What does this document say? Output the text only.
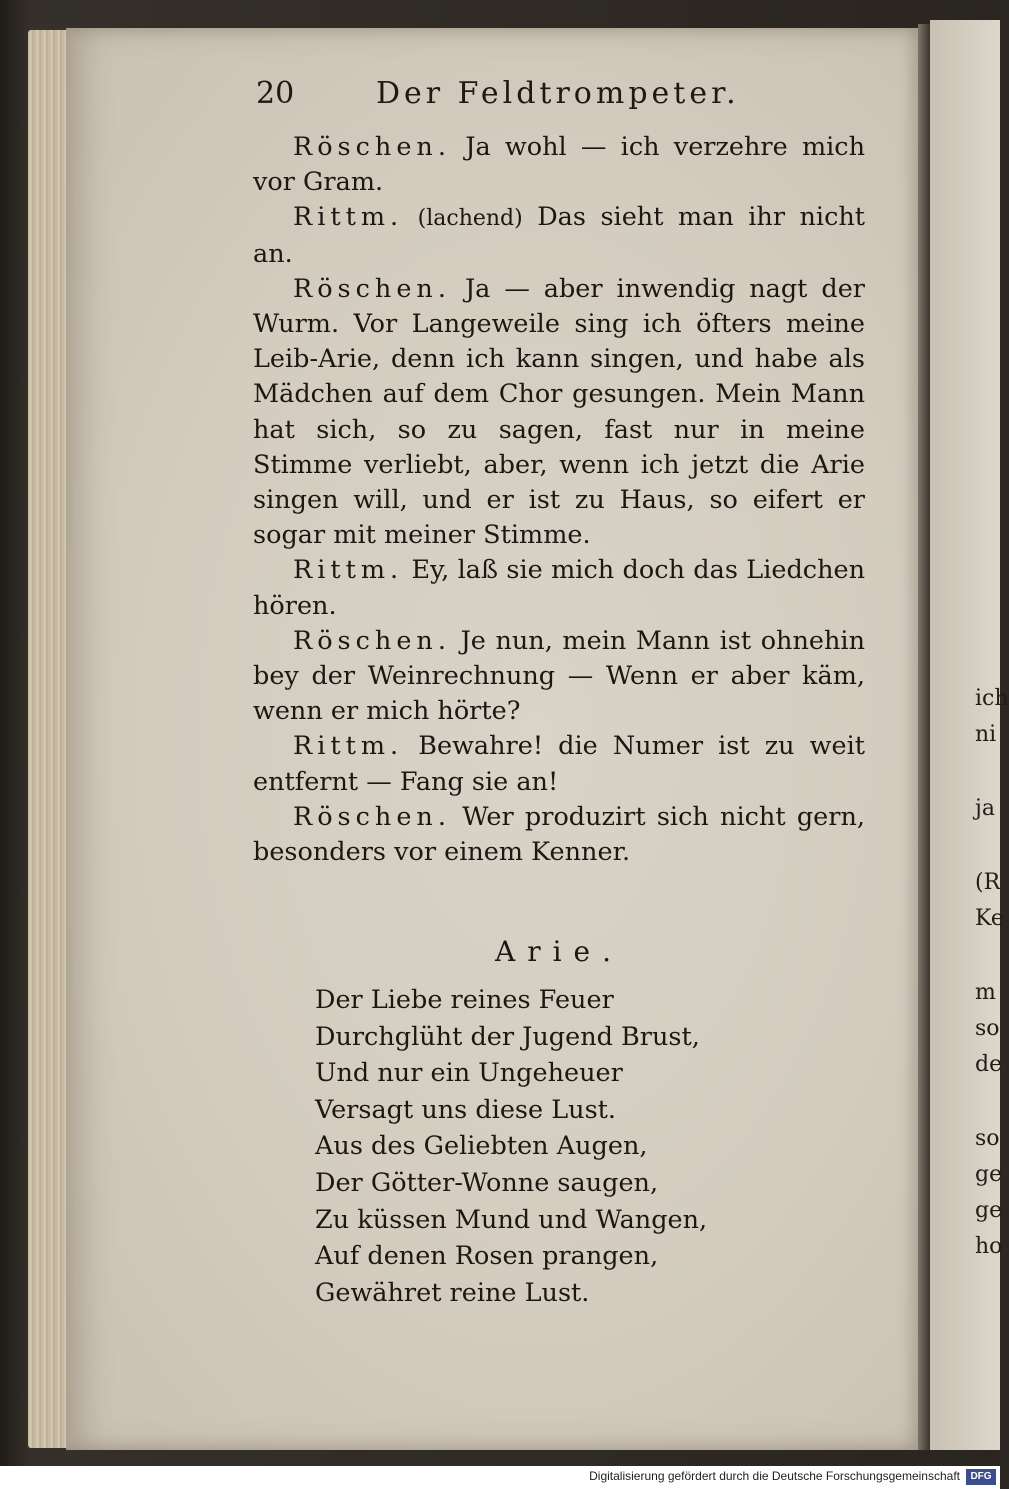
ich
ni
ja
(R
Ke
m
so
de
so
ge
ge
ho
20	Der Feldtrompeter.

Röschen. Ja wohl — ich verzehre mich vor Gram.

Rittm. (lachend) Das sieht man ihr nicht an.

Röschen. Ja — aber inwendig nagt der Wurm. Vor Langeweile sing ich öfters meine Leib-Arie, denn ich kann singen, und habe als Mädchen auf dem Chor gesungen. Mein Mann hat sich, so zu sagen, fast nur in meine Stimme verliebt, aber, wenn ich jetzt die Arie singen will, und er ist zu Haus, so eifert er sogar mit meiner Stimme.

Rittm. Ey, laß sie mich doch das Liedchen hören.

Röschen. Je nun, mein Mann ist ohnehin bey der Weinrechnung — Wenn er aber käm, wenn er mich hörte?

Rittm. Bewahre! die Numer ist zu weit entfernt — Fang sie an!

Röschen. Wer produzirt sich nicht gern, besonders vor einem Kenner.

Arie.
Der Liebe reines Feuer
Durchglüht der Jugend Brust,
Und nur ein Ungeheuer
Versagt uns diese Lust.
Aus des Geliebten Augen,
Der Götter-Wonne saugen,
Zu küssen Mund und Wangen,
Auf denen Rosen prangen,
Gewähret reine Lust.
Digitalisierung gefördert durch die Deutsche Forschungsgemeinschaft	DFG
